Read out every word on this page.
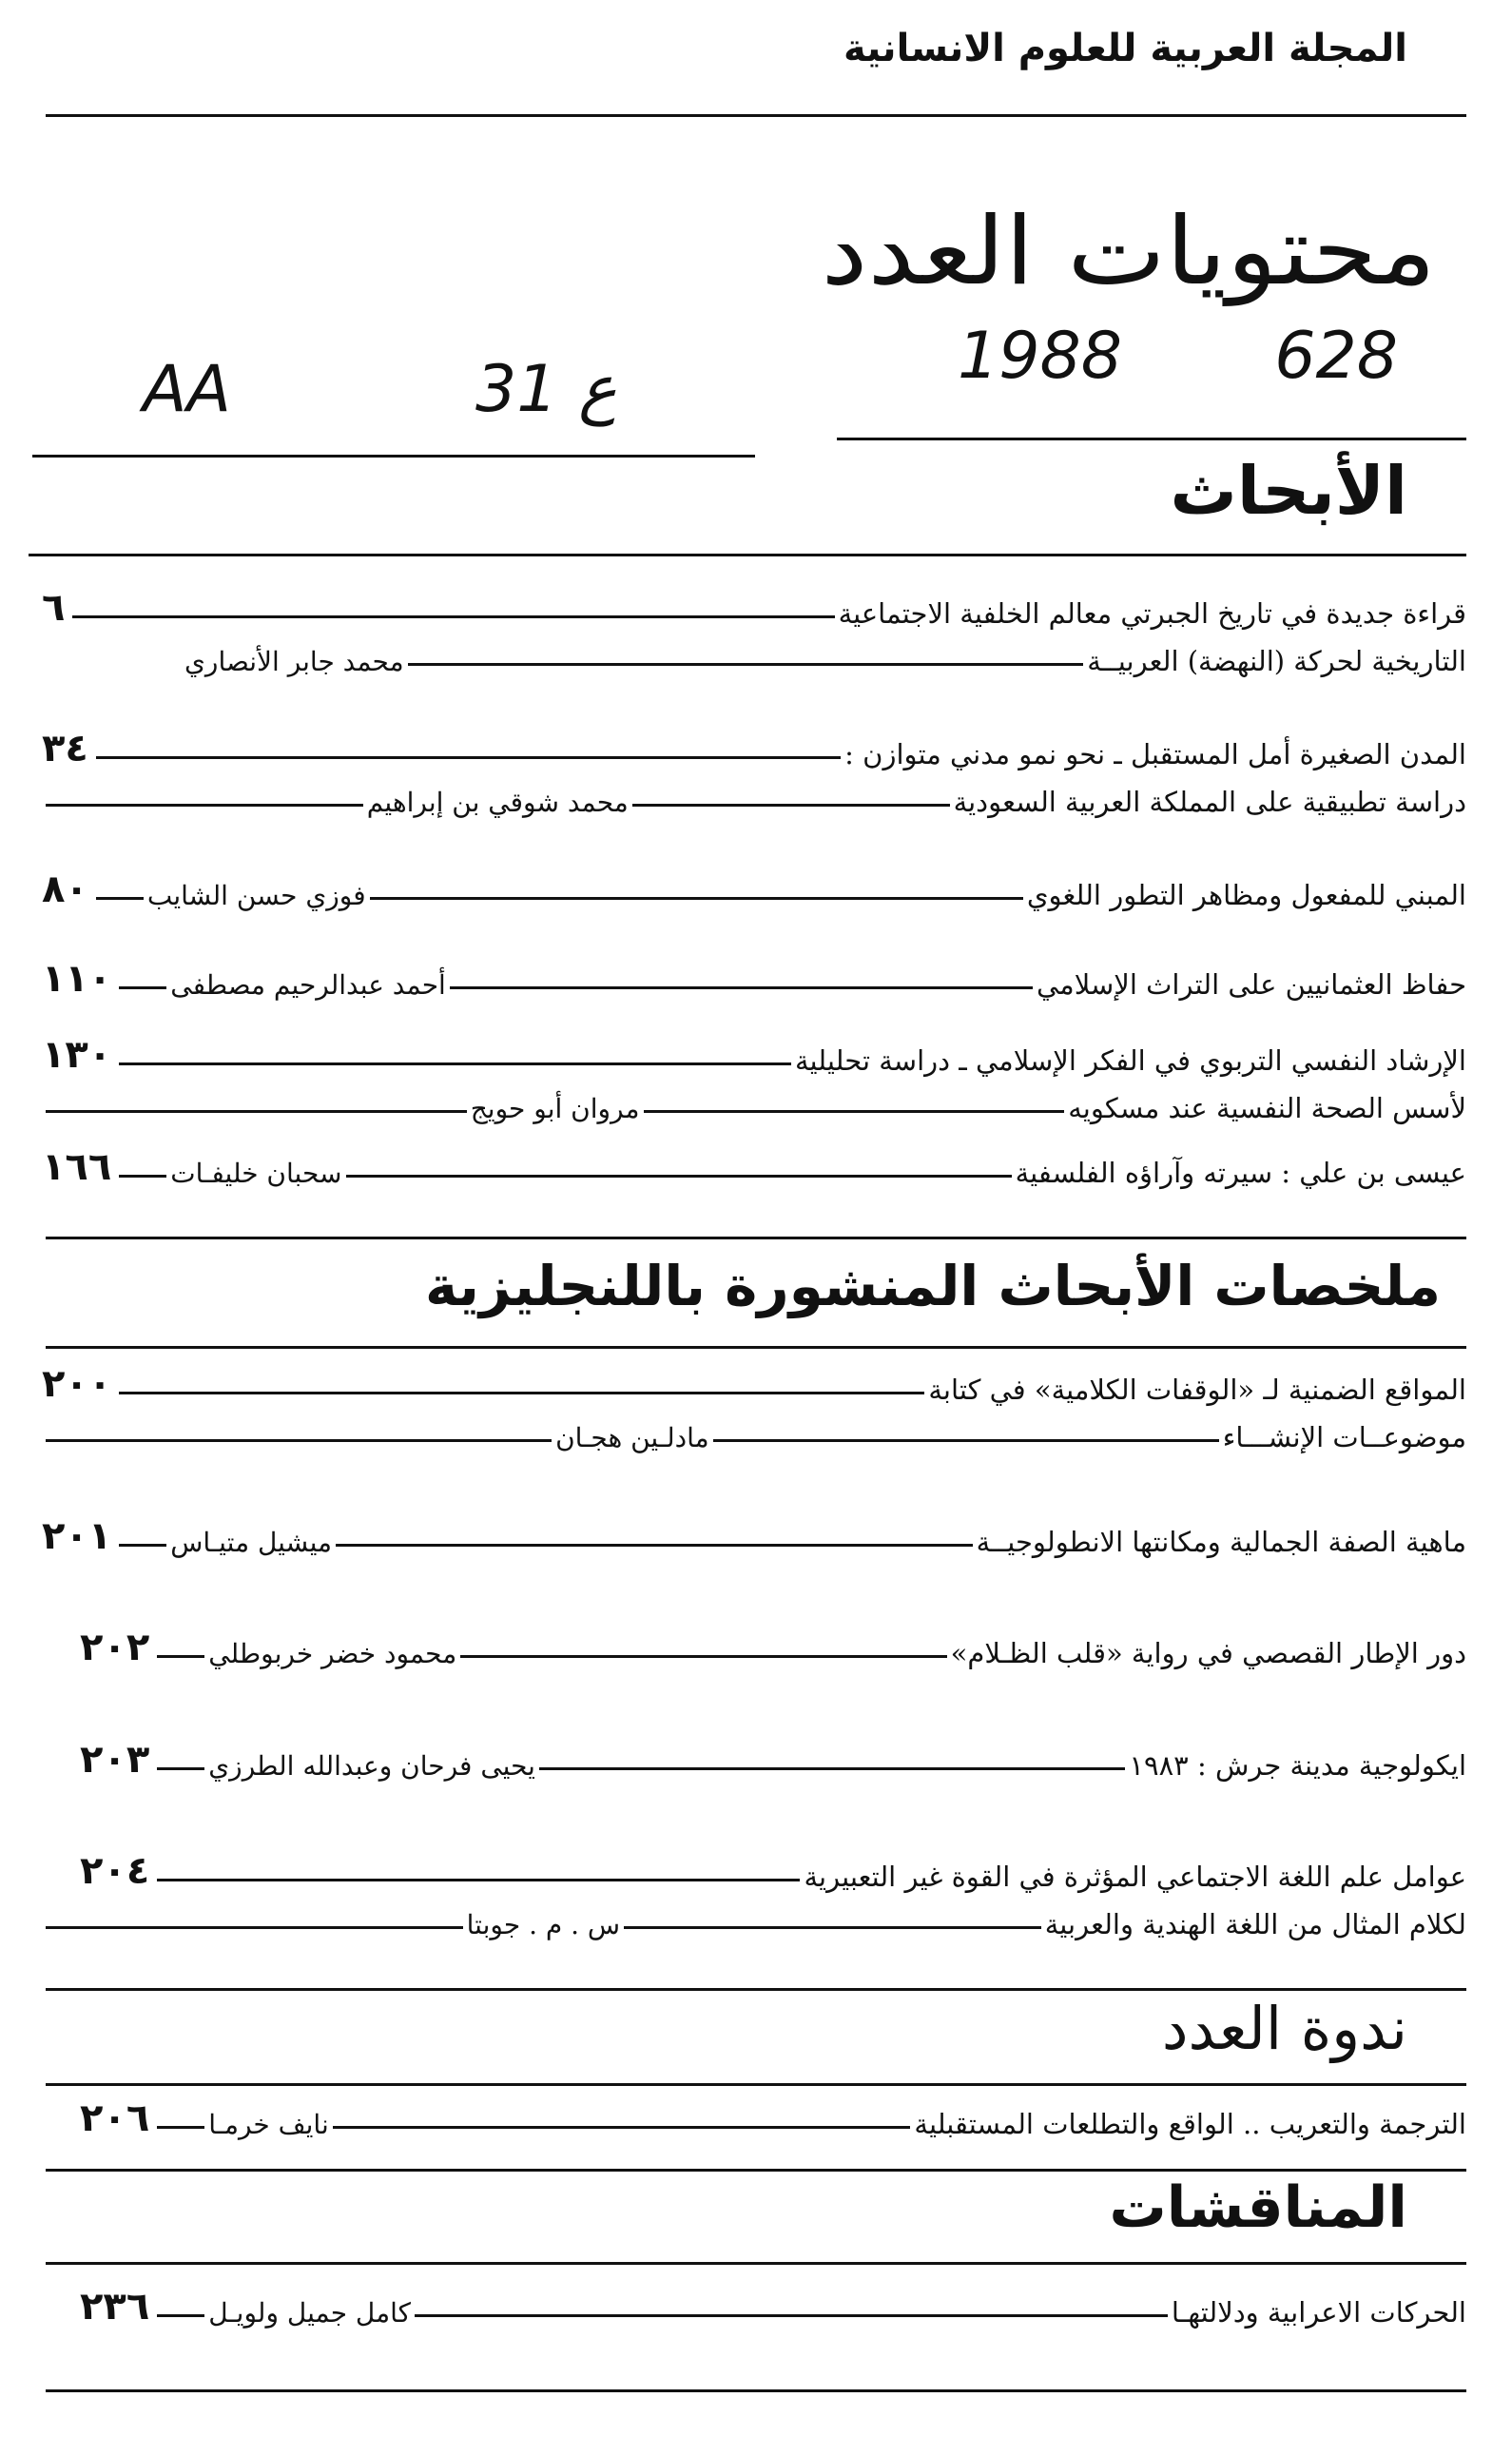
المجلة العربية للعلوم الانسانية
محتويات العدد
628
1988
31 ع
AA
الأبحاث
قراءة جديدة في تاريخ الجبرتي معالم الخلفية الاجتماعية
٦
التاريخية لحركة (النهضة) العربيــة
محمد جابر الأنصاري
المدن الصغيرة أمل المستقبل ـ نحو نمو مدني متوازن :
٣٤
دراسة تطبيقية على المملكة العربية السعودية
محمد شوقي بن إبراهيم
المبني للمفعول ومظاهر التطور اللغوي
فوزي حسن الشايب
٨٠
حفاظ العثمانيين على التراث الإسلامي
أحمد عبدالرحيم مصطفى
١١٠
الإرشاد النفسي التربوي في الفكر الإسلامي ـ دراسة تحليلية
١٣٠
لأسس الصحة النفسية عند مسكويه
مروان أبو حويج
عيسى بن علي : سيرته وآراؤه الفلسفية
سحبان خليفـات
١٦٦
ملخصات الأبحاث المنشورة باللنجليزية
المواقع الضمنية لـ «الوقفات الكلامية» في كتابة
٢٠٠
موضوعــات الإنشـــاء
مادلـين هجـان
ماهية الصفة الجمالية ومكانتها الانطولوجيــة
ميشيل متيـاس
٢٠١
دور الإطار القصصي في رواية «قلب الظـلام»
محمود خضر خربوطلي
٢٠٢
ايكولوجية مدينة جرش : ١٩٨٣
يحيى فرحان وعبدالله الطرزي
٢٠٣
عوامل علم اللغة الاجتماعي المؤثرة في القوة غير التعبيرية
٢٠٤
لكلام المثال من اللغة الهندية والعربية
س . م . جوبتا
ندوة العدد
الترجمة والتعريب .. الواقع والتطلعات المستقبلية
نايف خرمـا
٢٠٦
المناقشات
الحركات الاعرابية ودلالتهـا
كامل جميل ولويـل
٢٣٦
